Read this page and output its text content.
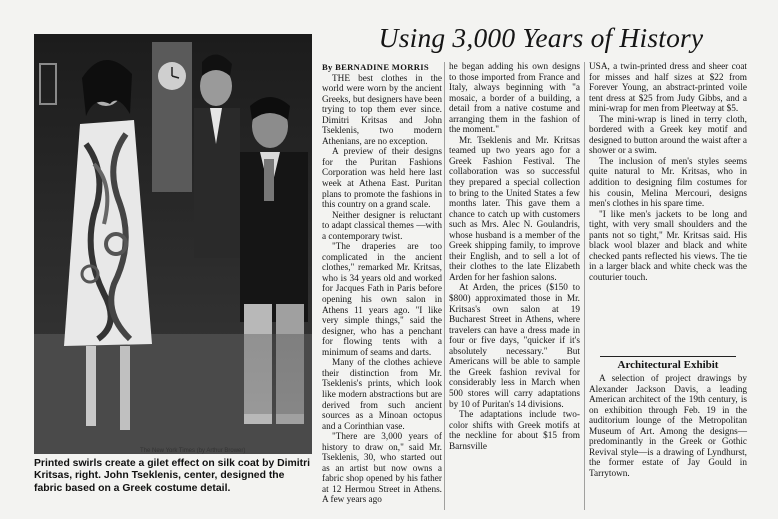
The New York Times (by Arthur Brower)
Printed swirls create a gilet effect on silk coat by Dimitri Kritsas, right. John Tseklenis, center, designed the fabric based on a Greek costume detail.
Using 3,000 Years of History

By BERNADINE MORRIS

THE best clothes in the world were worn by the ancient Greeks, but designers have been trying to top them ever since. Dimitri Kritsas and John Tseklenis, two modern Athenians, are no exception.

A preview of their designs for the Puritan Fashions Corporation was held here last week at Athena East. Puritan plans to promote the fashions in this country on a grand scale.

Neither designer is reluctant to adapt classical themes —with a contemporary twist.

"The draperies are too complicated in the ancient clothes," remarked Mr. Kritsas, who is 34 years old and worked for Jacques Fath in Paris before opening his own salon in Athens 11 years ago. "I like very simple things," said the designer, who has a penchant for flowing tents with a minimum of seams and darts.

Many of the clothes achieve their distinction from Mr. Tseklenis's prints, which look like modern abstractions but are derived from such ancient sources as a Minoan octopus and a Corinthian vase.

"There are 3,000 years of history to draw on," said Mr. Tseklenis, 30, who started out as an artist but now owns a fabric shop opened by his father at 12 Hermou Street in Athens. A few years ago

he began adding his own designs to those imported from France and Italy, always beginning with "a mosaic, a border of a building, a detail from a native costume and arranging them in the fashion of the moment."

Mr. Tseklenis and Mr. Kritsas teamed up two years ago for a Greek Fashion Festival. The collaboration was so successful they prepared a special collection to bring to the United States a few months later. This gave them a chance to catch up with customers such as Mrs. Alec N. Goulandris, whose husband is a member of the Greek shipping family, to improve their English, and to sell a lot of their clothes to the late Elizabeth Arden for her fashion salons.

At Arden, the prices ($150 to $800) approximated those in Mr. Kritsas's own salon at 19 Bucharest Street in Athens, where travelers can have a dress made in four or five days, "quicker if it's absolutely necessary." But Americans will be able to sample the Greek fashion revival for considerably less in March when 500 stores will carry adaptations by 10 of Puritan's 14 divisions.

The adaptations include two-color shifts with Greek motifs at the neckline for about $15 from Barnsville

USA, a twin-printed dress and sheer coat for misses and half sizes at $22 from Forever Young, an abstract-printed voile tent dress at $25 from Judy Gibbs, and a mini-wrap for men from Pleetway at $5.

The mini-wrap is lined in terry cloth, bordered with a Greek key motif and designed to button around the waist after a shower or a swim.

The inclusion of men's styles seems quite natural to Mr. Kritsas, who in addition to designing film costumes for his cousin, Melina Mercouri, designs men's clothes in his spare time.

"I like men's jackets to be long and tight, with very small shoulders and the pants not so tight," Mr. Kritsas said. His black wool blazer and black and white checked pants reflected his views. The tie in a larger black and white check was the couturier touch.

Architectural Exhibit

A selection of project drawings by Alexander Jackson Davis, a leading American architect of the 19th century, is on exhibition through Feb. 19 in the auditorium lounge of the Metropolitan Museum of Art. Among the designs— predominantly in the Greek or Gothic Revival style—is a drawing of Lyndhurst, the former estate of Jay Gould in Tarrytown.
